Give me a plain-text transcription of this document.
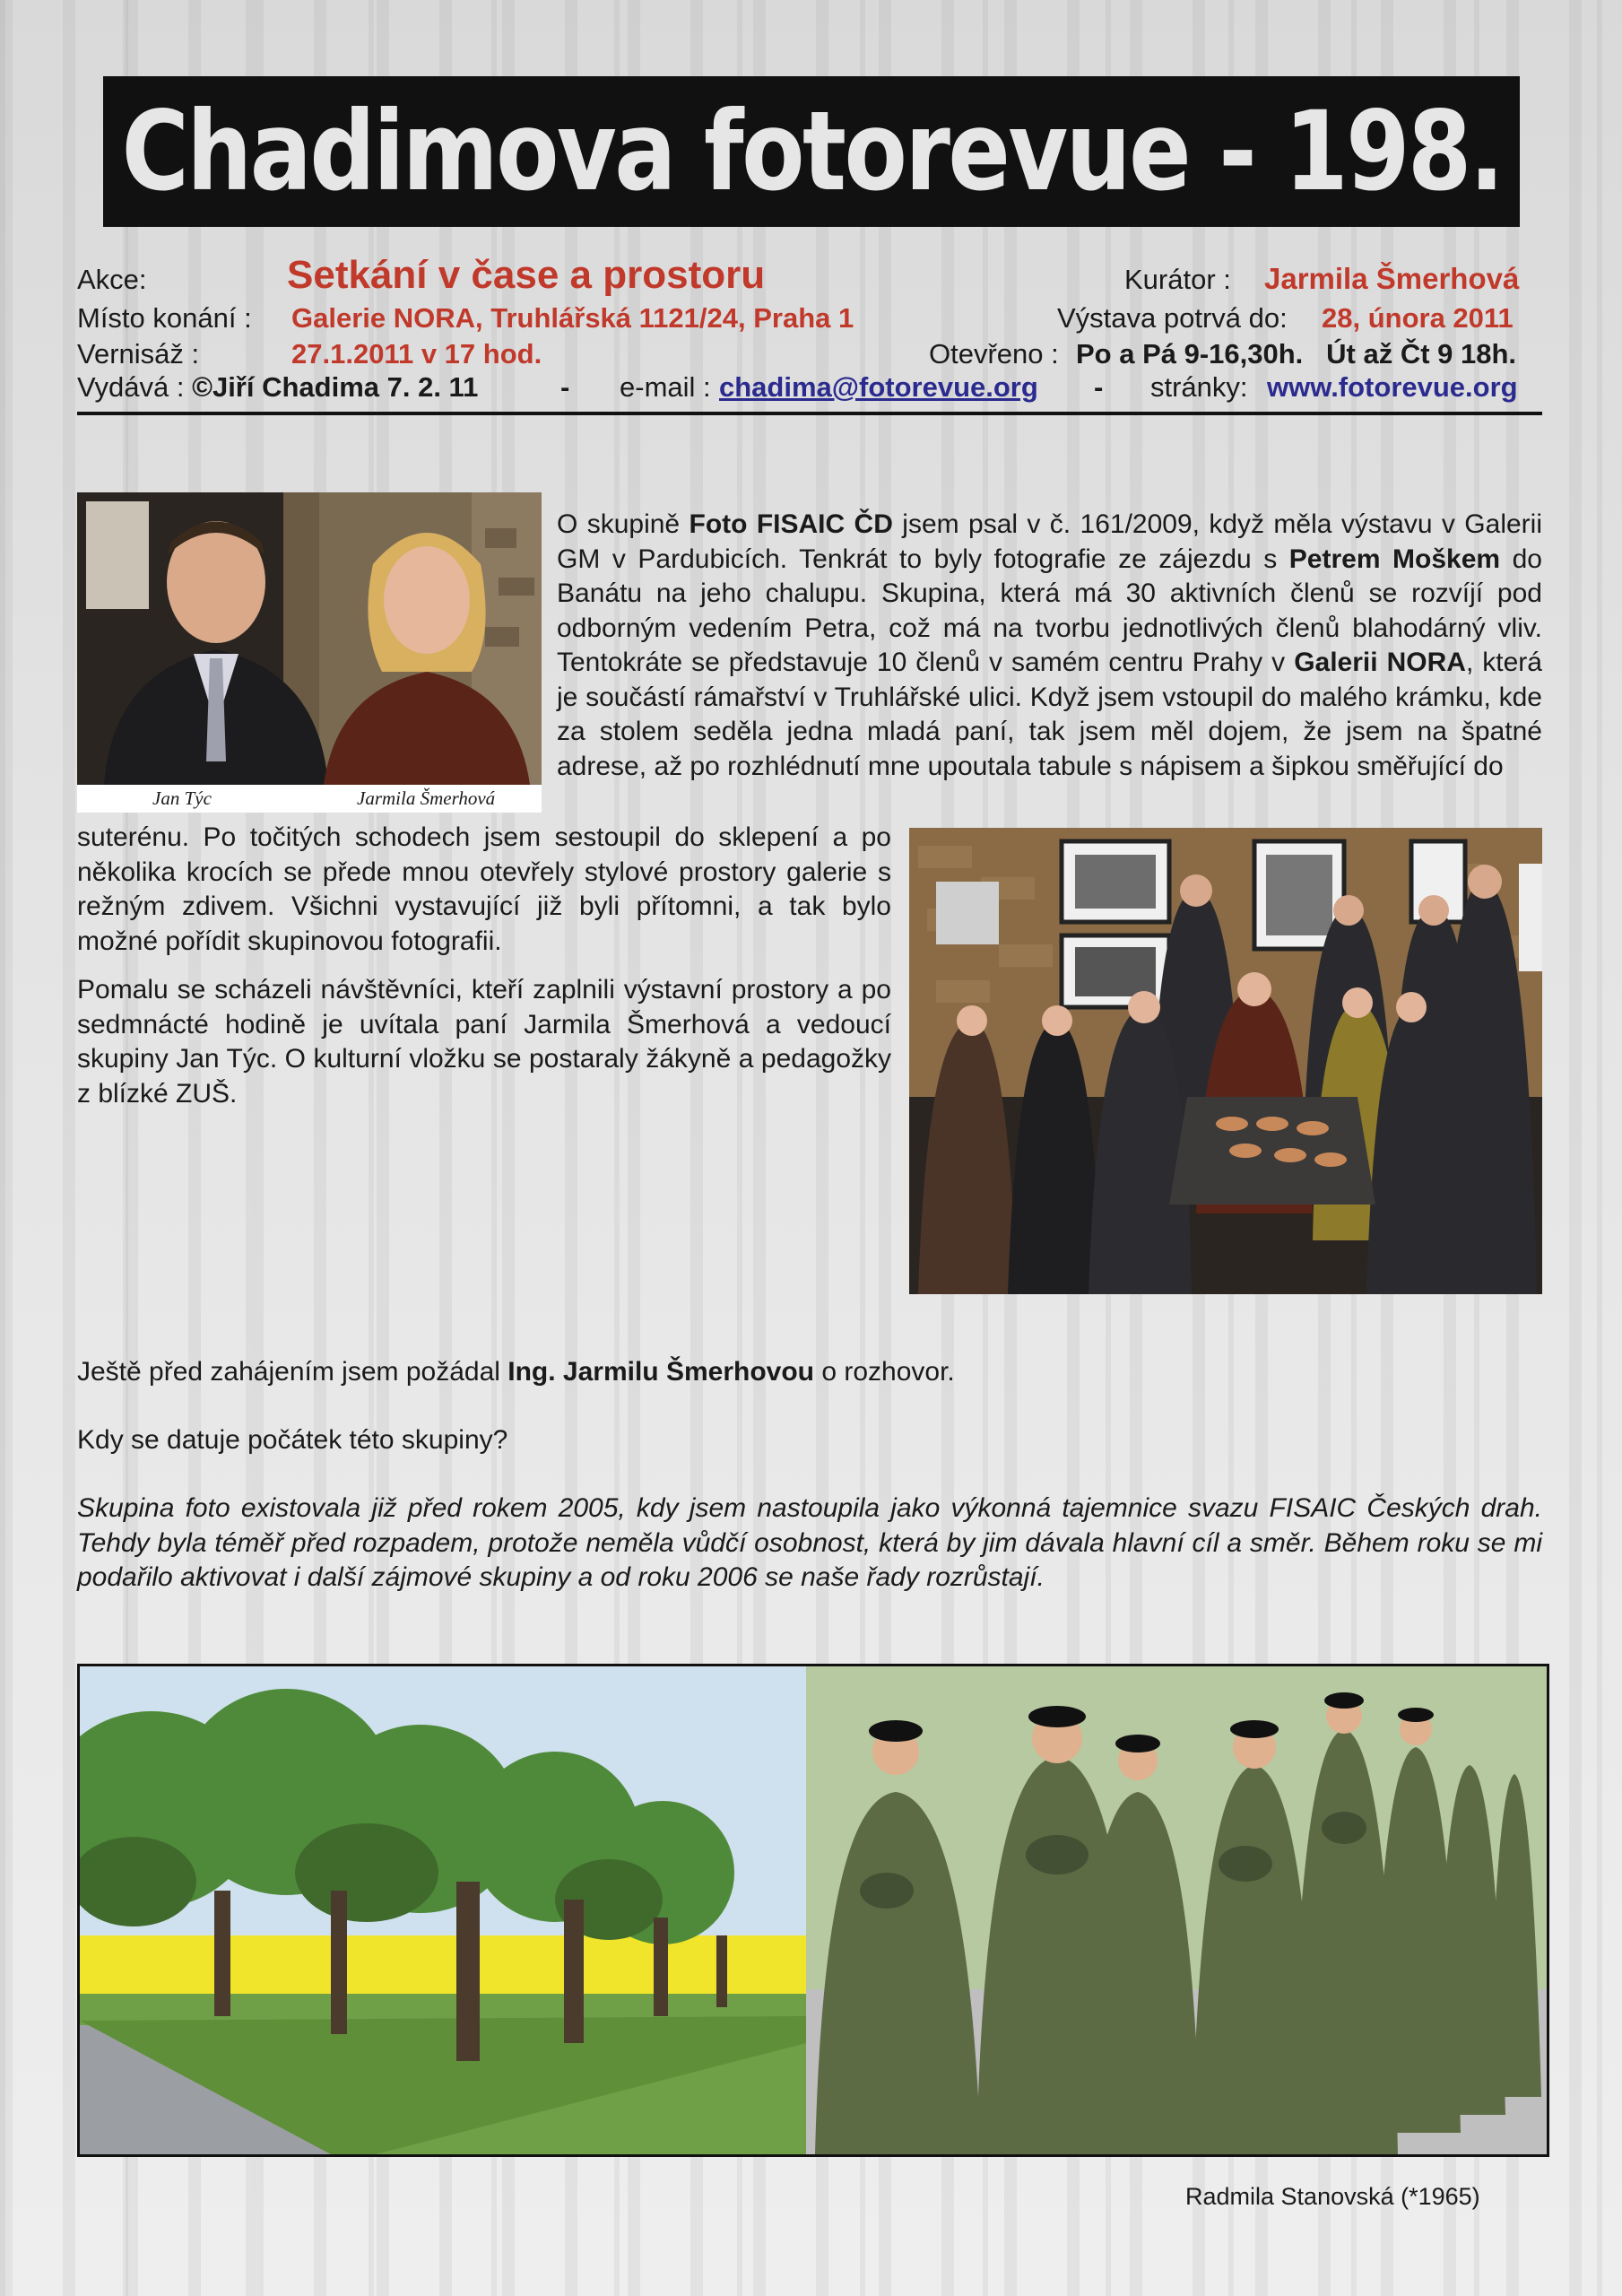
Chadimova fotorevue - 198.
Akce:	Setkání v čase a prostoru	Kurátor : Jarmila Šmerhová
Místo konání : Galerie NORA, Truhlářská 1121/24, Praha 1	Výstava potrvá do: 28, února 2011
Vernisáž :	27.1.2011 v 17 hod.	Otevřeno : Po a Pá 9-16,30h.   Út až Čt 9 18h.
Vydává : ©Jiří Chadima 7. 2. 11	- e-mail : chadima@fotorevue.org - stránky: www.fotorevue.org
Jan Týc	Jarmila Šmerhová
O skupině Foto FISAIC ČD jsem psal v č. 161/2009, když měla výstavu v Galerii GM v Pardubicích. Tenkrát to byly fotografie ze zájezdu s Petrem Moškem do Banátu na jeho chalupu. Skupina, která má 30 aktivních členů se rozvíjí pod odborným vedením Petra, což má na tvorbu jednotlivých členů blahodárný vliv. Tentokráte se představuje 10 členů v samém centru Prahy v Galerii NORA, která je součástí rámařství v Truhlářské ulici. Když jsem vstoupil do malého krámku, kde za stolem seděla jedna mladá paní, tak jsem měl dojem, že jsem na špatné adrese, až po rozhlédnutí mne upoutala tabule s nápisem a šipkou směřující do
suterénu. Po točitých schodech jsem sestoupil do sklepení a po několika krocích se přede mnou otevřely stylové prostory galerie s režným zdivem. Všichni vystavující již byli přítomni, a tak bylo možné pořídit skupinovou fotografii.
Pomalu se scházeli návštěvníci, kteří zaplnili výstavní prostory a po sedmnácté hodině je uvítala paní Jarmila Šmerhová a vedoucí skupiny Jan Týc. O kulturní vložku se postaraly žákyně a pedagožky z blízké ZUŠ.
Ještě před zahájením jsem požádal Ing. Jarmilu Šmerhovou o rozhovor.
Kdy se datuje počátek této skupiny?
Skupina foto existovala již před rokem 2005, kdy jsem nastoupila jako výkonná tajemnice svazu FISAIC Českých drah. Tehdy byla téměř před rozpadem, protože neměla vůdčí osobnost, která by jim dávala hlavní cíl a směr. Během roku se mi podařilo aktivovat i další zájmové skupiny a od roku 2006 se naše řady rozrůstají.
Radmila Stanovská (*1965)
